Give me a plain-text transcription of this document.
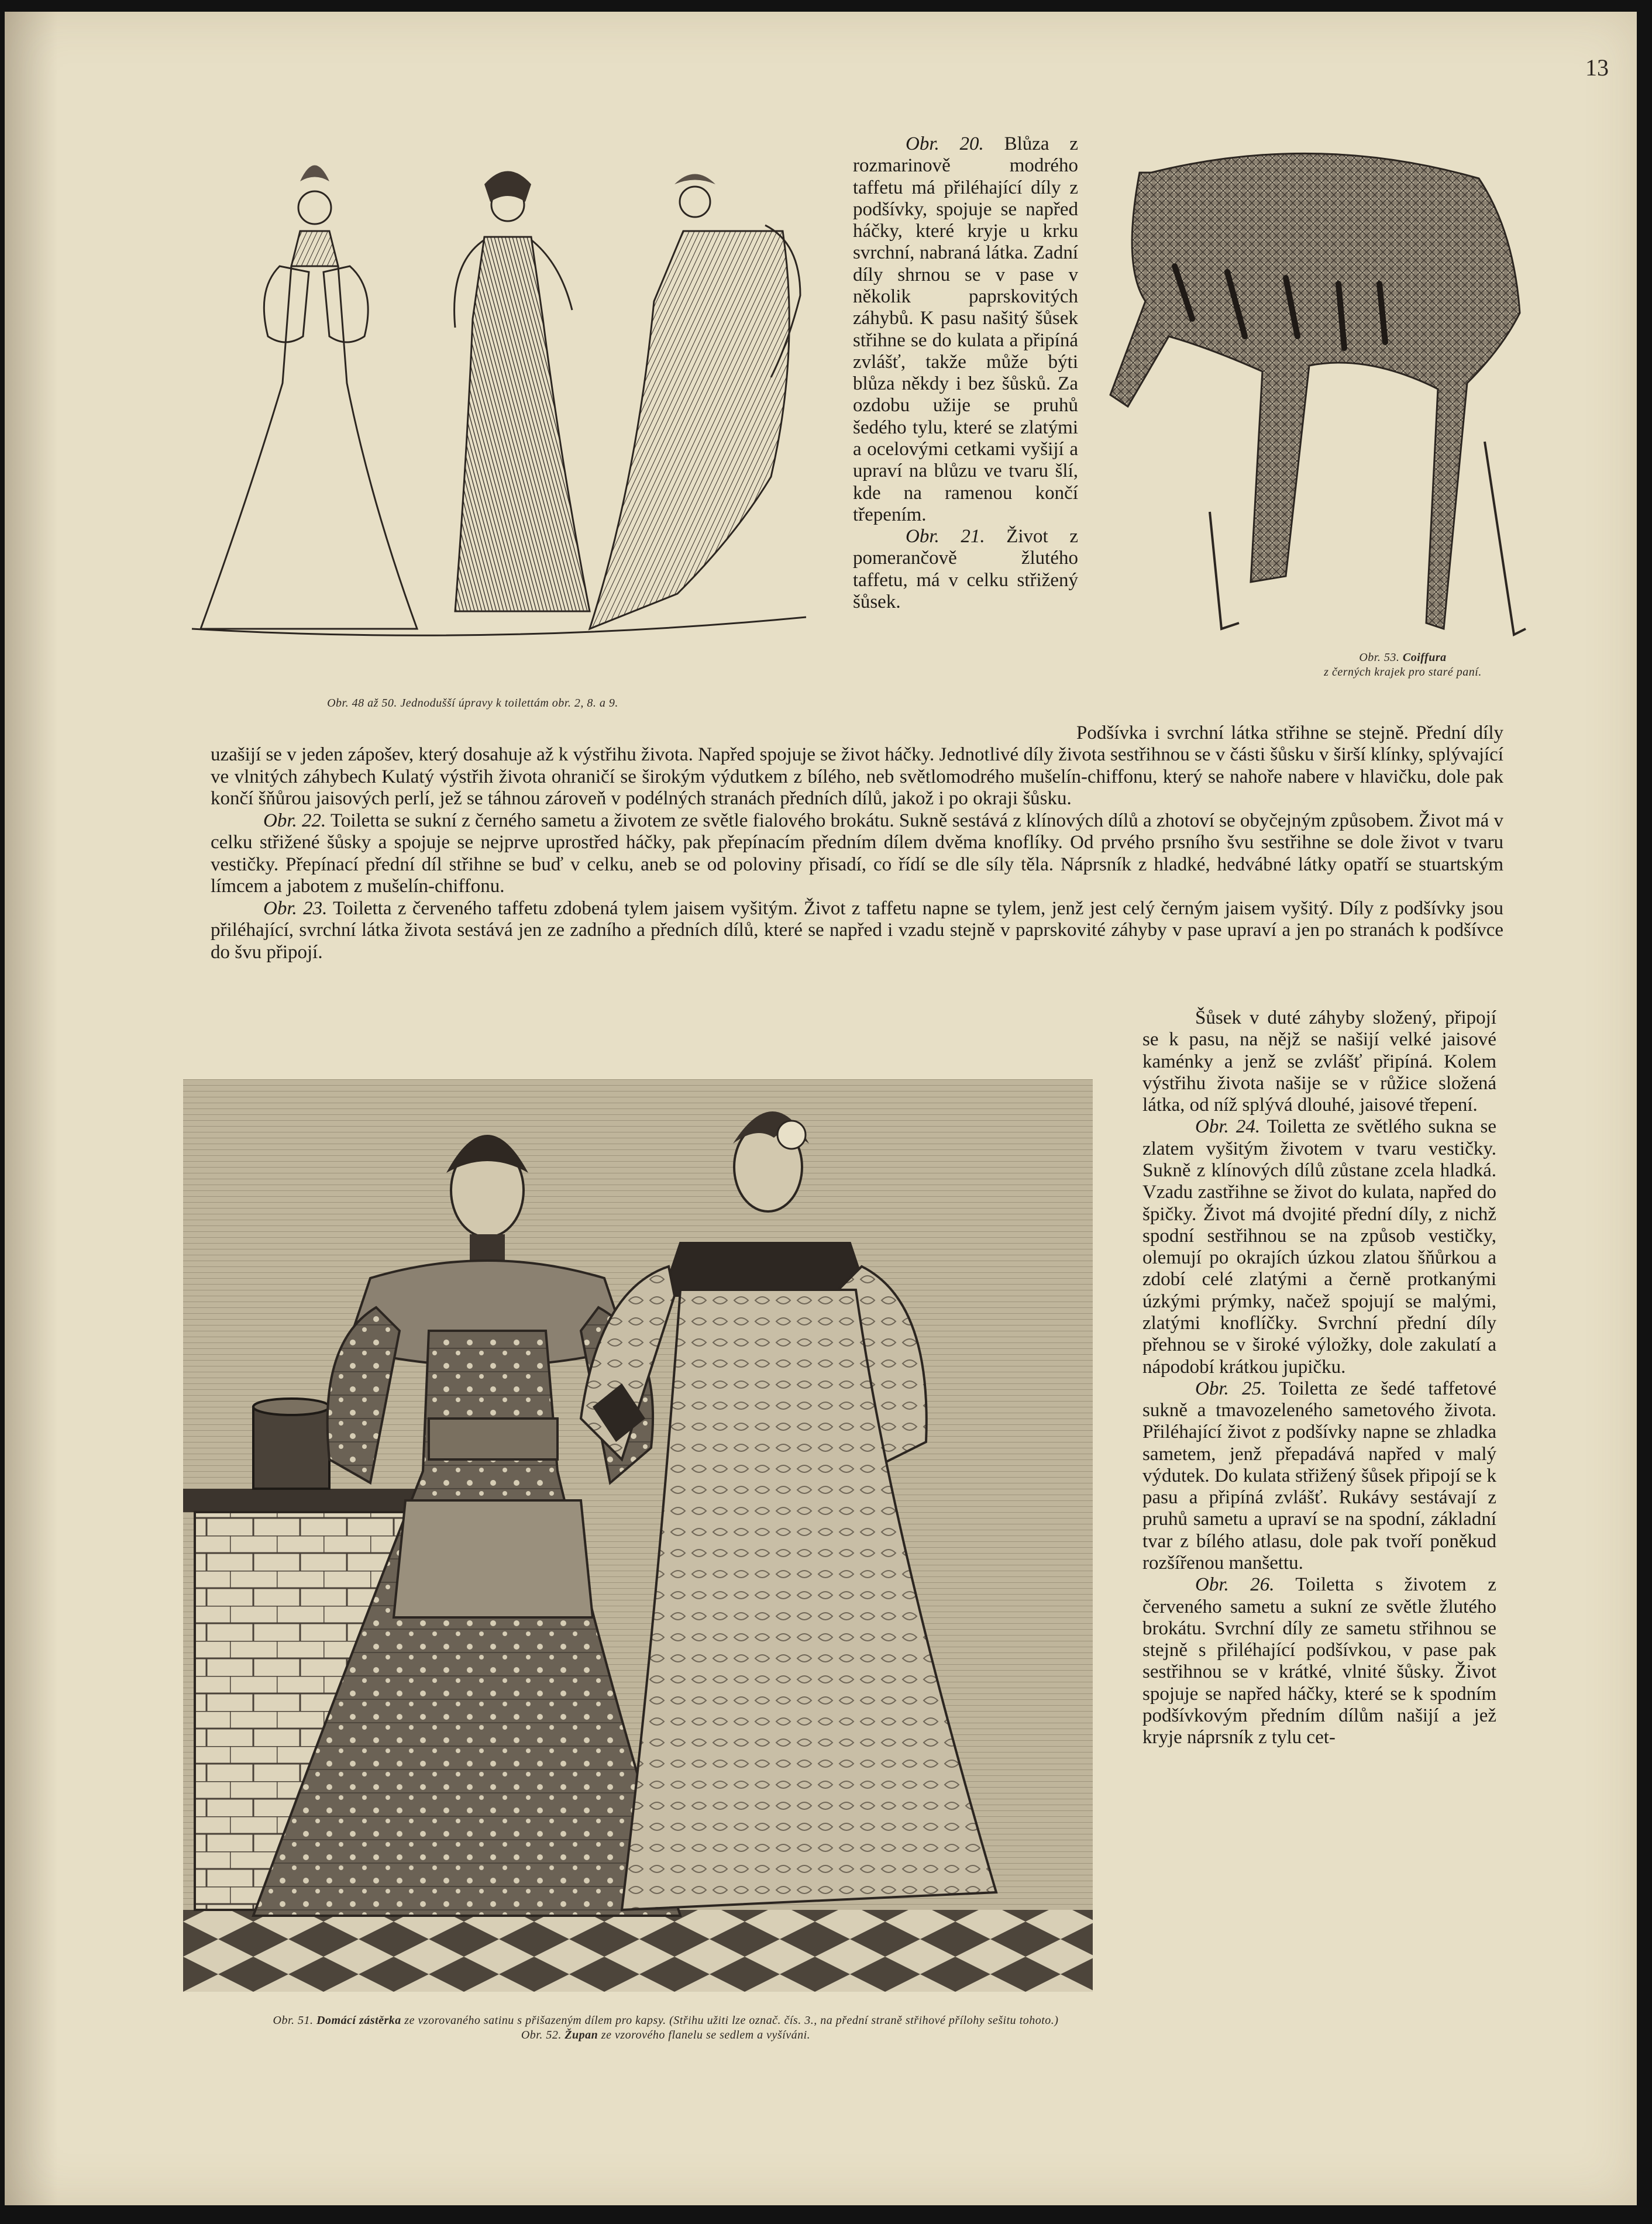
13
Obr. 48 až 50. Jednodušší úpravy k toilettám obr. 2, 8. a 9.
Obr. 53. Coiffura
z černých krajek pro staré paní.

Obr. 20. Blůza z rozmarinově modrého taffetu má přiléhající díly z podšívky, spojuje se napřed háčky, které kryje u krku svrchní, nabraná látka. Zadní díly shrnou se v pase v několik paprskovitých záhybů. K pasu našitý šůsek střihne se do kulata a připíná zvlášť, takže může býti blůza někdy i bez šůsků. Za ozdobu užije se pruhů šedého tylu, které se zlatými a ocelovými cetkami vyšijí a upraví na blůzu ve tvaru šlí, kde na ramenou končí třepením.

Obr. 21. Život z pomerančově žlutého taffetu, má v celku střižený šůsek.

Podšívka i svrchní látka střihne se stejně. Přední díly uzašijí se v jeden zápošev, který dosahuje až k výstřihu života. Napřed spojuje se život háčky. Jednotlivé díly života sestřihnou se v části šůsku v širší klínky, splývající ve vlnitých záhybech Kulatý výstřih života ohraničí se širokým výdutkem z bílého, neb světlomodrého mušelín-chiffonu, který se nahoře nabere v hlavičku, dole pak končí šňůrou jaisových perlí, jež se táhnou zároveň v podélných stranách předních dílů, jakož i po okraji šůsku.

Obr. 22. Toiletta se sukní z černého sametu a životem ze světle fialového brokátu. Sukně sestává z klínových dílů a zhotoví se obyčejným způsobem. Život má v celku střižené šůsky a spojuje se nejprve uprostřed háčky, pak přepínacím předním dílem dvěma knoflíky. Od prvého prsního švu sestřihne se dole život v tvaru vestičky. Přepínací přední díl střihne se buď v celku, aneb se od poloviny přisadí, co řídí se dle síly těla. Náprsník z hladké, hedvábné látky opatří se stuartským límcem a jabotem z mušelín-chiffonu.

Obr. 23. Toiletta z červeného taffetu zdobená tylem jaisem vyšitým. Život z taffetu napne se tylem, jenž jest celý černým jaisem vyšitý. Díly z podšívky jsou přiléhající, svrchní látka života sestává jen ze zadního a předních dílů, které se napřed i vzadu stejně v paprskovité záhyby v pase upraví a jen po stranách k podšívce do švu připojí.

Obr. 51. Domácí zástěrka ze vzorovaného satinu s přišazeným dílem pro kapsy. (Střihu užiti lze označ. čís. 3., na přední straně střihové přílohy sešitu tohoto.)
Obr. 52. Župan ze vzorového flanelu se sedlem a vyšíváni.

Šůsek v duté záhyby složený, připojí se k pasu, na nějž se našijí velké jaisové kaménky a jenž se zvlášť připíná. Kolem výstřihu života našije se v růžice složená látka, od níž splývá dlouhé, jaisové třepení.

Obr. 24. Toiletta ze světlého sukna se zlatem vyšitým životem v tvaru vestičky. Sukně z klínových dílů zůstane zcela hladká. Vzadu zastřihne se život do kulata, napřed do špičky. Život má dvojité přední díly, z nichž spodní sestřihnou se na způsob vestičky, olemují po okrajích úzkou zlatou šňůrkou a zdobí celé zlatými a černě protkanými úzkými prýmky, načež spojují se malými, zlatými knoflíčky. Svrchní přední díly přehnou se v široké výložky, dole zakulatí a nápodobí krátkou jupičku.

Obr. 25. Toiletta ze šedé taffetové sukně a tmavozeleného sametového života. Přiléhající život z podšívky napne se zhladka sametem, jenž přepadává napřed v malý výdutek. Do kulata střižený šůsek připojí se k pasu a připíná zvlášť. Rukávy sestávají z pruhů sametu a upraví se na spodní, základní tvar z bílého atlasu, dole pak tvoří poněkud rozšířenou manšettu.

Obr. 26. Toiletta s životem z červeného sametu a sukní ze světle žlutého brokátu. Svrchní díly ze sametu střihnou se stejně s přiléhající podšívkou, v pase pak sestřihnou se v krátké, vlnité šůsky. Život spojuje se napřed háčky, které se k spodním podšívkovým předním dílům našijí a jež kryje náprsník z tylu cet-
